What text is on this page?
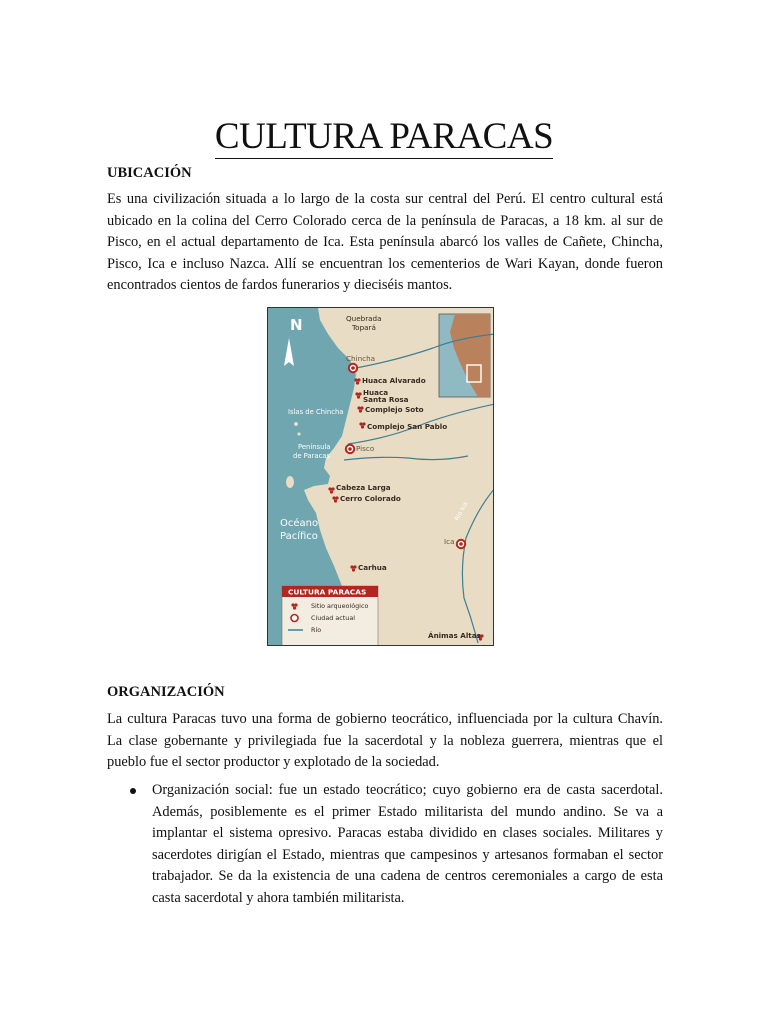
CULTURA PARACAS
UBICACIÓN

Es una civilización situada a lo largo de la costa sur central del Perú. El centro cultural está ubicado en la colina del Cerro Colorado cerca de la península de Paracas, a 18 km. al sur de Pisco, en el actual departamento de Ica. Esta península abarcó los valles de Cañete, Chincha, Pisco, Ica e incluso Nazca. Allí se encuentran los cementerios de Wari Kayan, donde fueron encontrados cientos de fardos funerarios y dieciséis mantos.

N	Quebrada
Topará
Chincha
Huaca Alvarado
Huaca
Santa Rosa
Complejo Soto
Complejo San Pablo
Pisco
Cabeza Larga
Cerro Colorado
Ica
Carhua
Ánimas Altas
Islas de Chincha
Península
de Paracas
Océano
Pacífico
Río Ica
CULTURA PARACAS
Sitio arqueológico
Ciudad actual
Río
ORGANIZACIÓN

La cultura Paracas tuvo una forma de gobierno teocrático, influenciada por la cultura Chavín. La clase gobernante y privilegiada fue la sacerdotal y la nobleza guerrera, mientras que el pueblo fue el sector productor y explotado de la sociedad.

Organización social: fue un estado teocrático; cuyo gobierno era de casta sacerdotal. Además, posiblemente es el primer Estado militarista del mundo andino. Se va a implantar el sistema opresivo. Paracas estaba dividido en clases sociales. Militares y sacerdotes dirigían el Estado, mientras que campesinos y artesanos formaban el sector trabajador. Se da la existencia de una cadena de centros ceremoniales a cargo de esta casta sacerdotal y ahora también militarista.
